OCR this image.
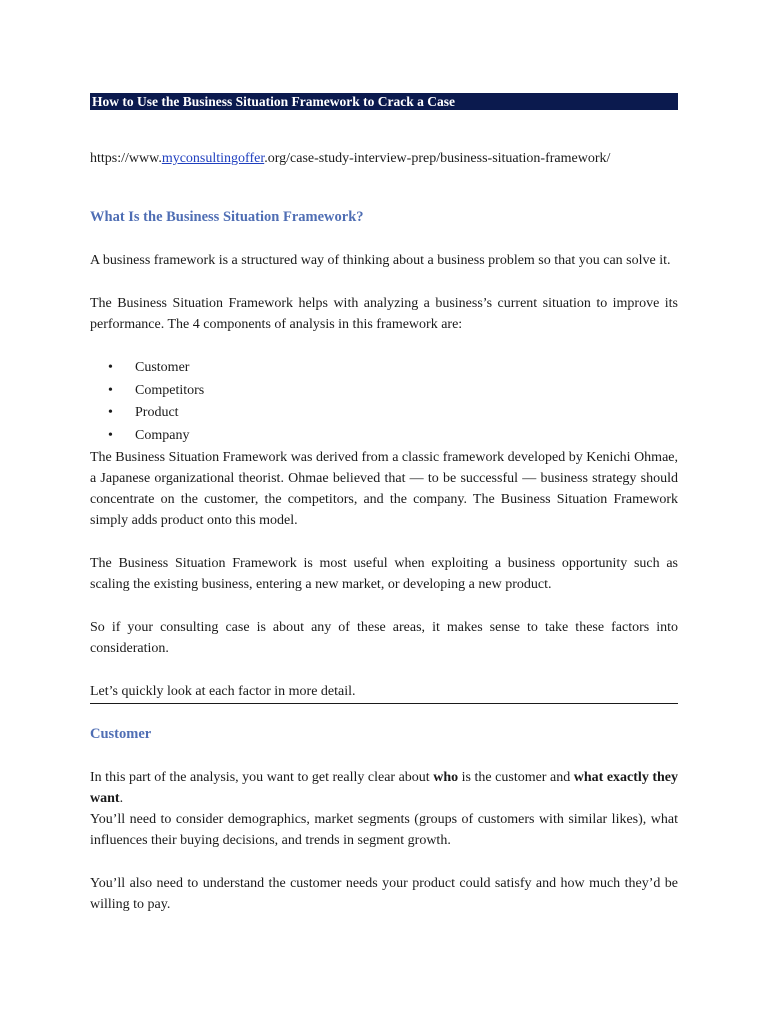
How to Use the Business Situation Framework to Crack a Case
https://www.myconsultingoffer.org/case-study-interview-prep/business-situation-framework/
What Is the Business Situation Framework?

A business framework is a structured way of thinking about a business problem so that you can solve it.

The Business Situation Framework helps with analyzing a business’s current situation to improve its performance. The 4 components of analysis in this framework are:

• Customer
• Competitors
• Product
• Company

The Business Situation Framework was derived from a classic framework developed by Kenichi Ohmae, a Japanese organizational theorist. Ohmae believed that — to be successful — business strategy should concentrate on the customer, the competitors, and the company. The Business Situation Framework simply adds product onto this model.

The Business Situation Framework is most useful when exploiting a business opportunity such as scaling the existing business, entering a new market, or developing a new product.

So if your consulting case is about any of these areas, it makes sense to take these factors into consideration.

Let’s quickly look at each factor in more detail.

Customer

In this part of the analysis, you want to get really clear about who is the customer and what exactly they want.

You’ll need to consider demographics, market segments (groups of customers with similar likes), what influences their buying decisions, and trends in segment growth.

You’ll also need to understand the customer needs your product could satisfy and how much they’d be willing to pay.
